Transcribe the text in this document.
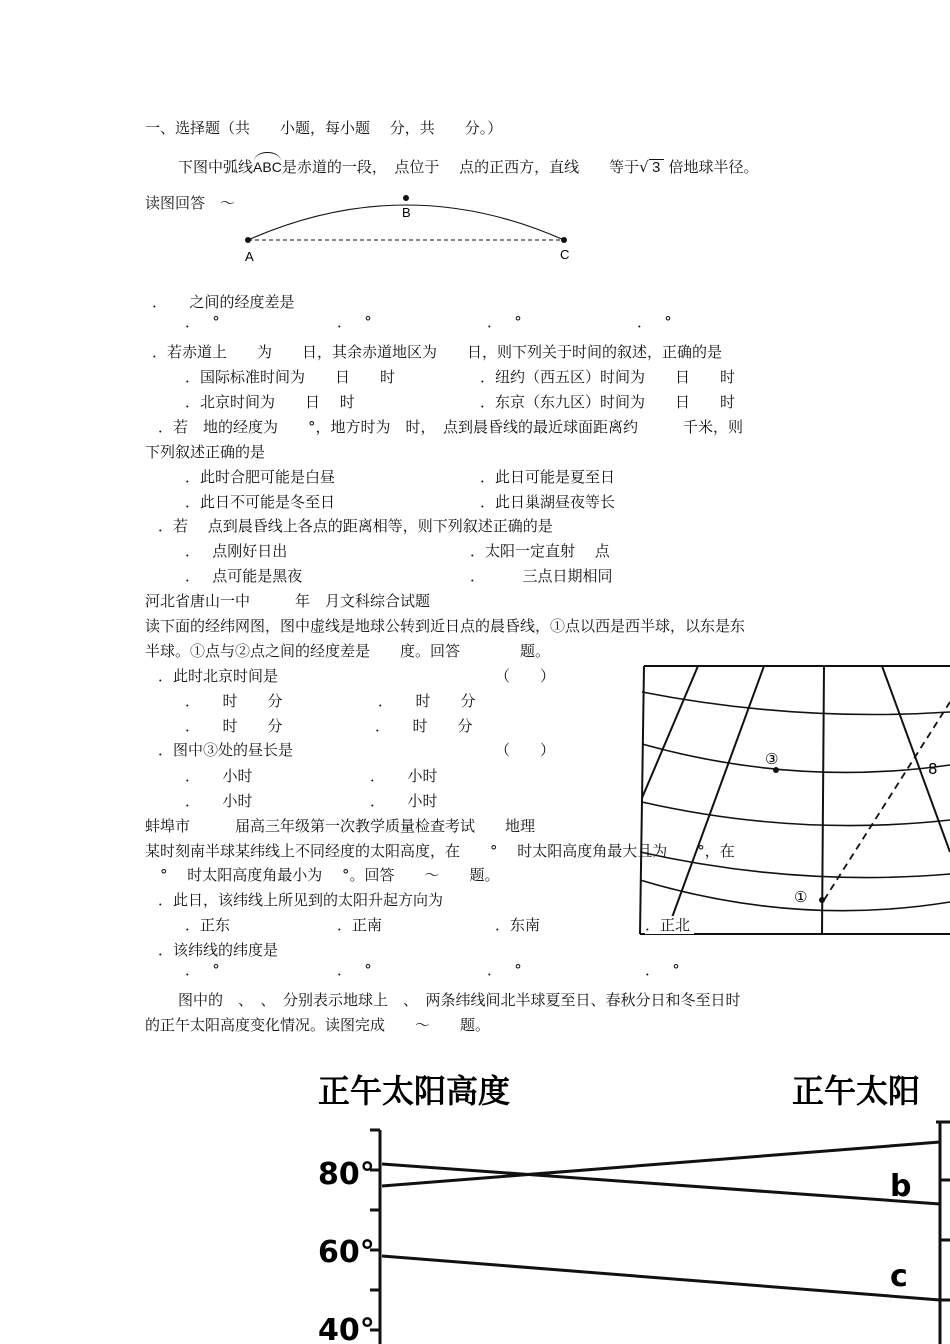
一、选择题（共　　小题，每小题　 分，共　　分。）
下图中弧线
ABC是赤道的一段，　点位于　 点的正西方，直线　　等于√ 3 倍地球半径。
读图回答　～
A
B
C
．　　之间的经度差是
．　 °	．　 °	．　 °	．　 °
．若赤道上　　为　　日，其余赤道地区为　　日，则下列关于时间的叙述，正确的是
．国际标准时间为　　日　　时	．纽约（西五区）时间为　　日　　时
．北京时间为　　日　 时	．东京（东九区）时间为　　日　　时
．若　地的经度为　　°，地方时为　时，　点到晨昏线的最近球面距离约　　　千米，则
下列叙述正确的是
．此时合肥可能是白昼	．此日可能是夏至日
．此日不可能是冬至日	．此日巢湖昼夜等长
．若　 点到晨昏线上各点的距离相等，则下列叙述正确的是
．　 点刚好日出	．太阳一定直射　 点
．　 点可能是黑夜	．　　　三点日期相同
河北省唐山一中　　　年　月文科综合试题
读下面的经纬网图，图中虚线是地球公转到近日点的晨昏线，①点以西是西半球，以东是东
半球。①点与②点之间的经度差是　　度。回答　　　　题。
．此时北京时间是	（　　）
．　　时　　分	．　　时　　分
．　　时　　分	．　　时　　分
．图中③处的昼长是	（　　）
．　　小时	．　　小时
．　　小时	．　　小时
③
①
8
蚌埠市　　　届高三年级第一次教学质量检查考试　　地理
某时刻南半球某纬线上不同经度的太阳高度，在　　°　 时太阳高度角最大且为　　°，在
　°　 时太阳高度角最小为　 °。回答　　～　　题。
．此日，该纬线上所见到的太阳升起方向为
．正东	．正南	．东南	．正北
．该纬线的纬度是
．　 °	．　 °	．　 °	．　 °
图中的　、　、　分别表示地球上　、　两条纬线间北半球夏至日、春秋分日和冬至日时
的正午太阳高度变化情况。读图完成　　～　　题。
正午太阳高度	正午太阳
80°
60°
40°
b
c
